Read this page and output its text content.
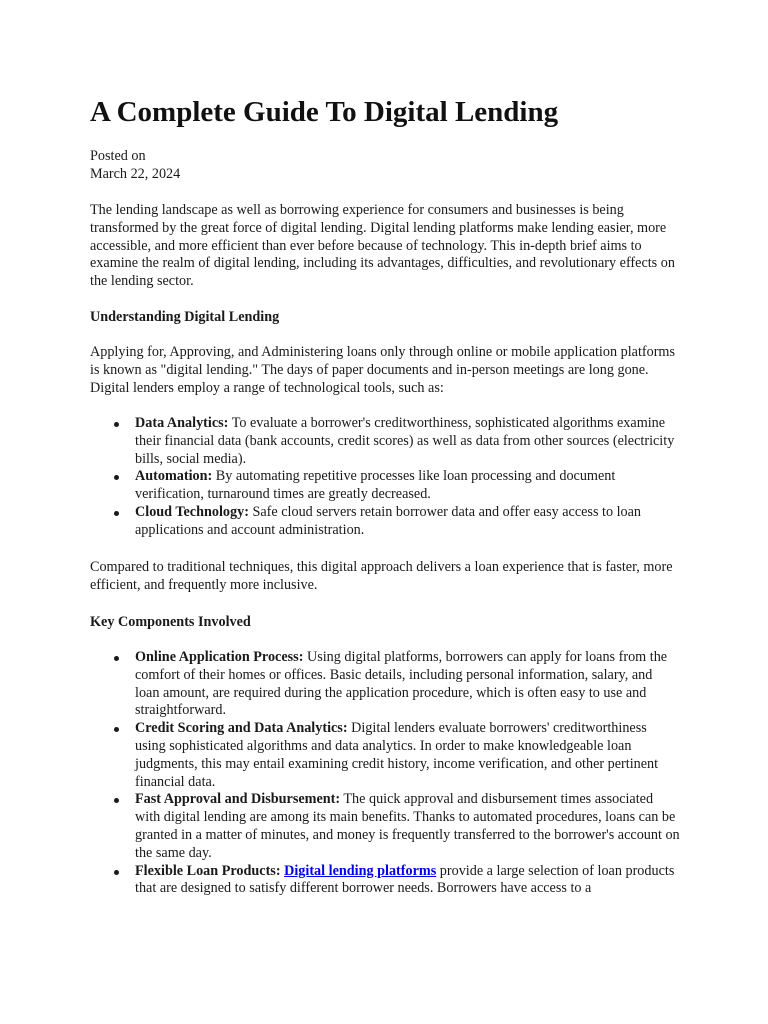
A Complete Guide To Digital Lending
Posted on
March 22, 2024

The lending landscape as well as borrowing experience for consumers and businesses is being transformed by the great force of digital lending. Digital lending platforms make lending easier, more accessible, and more efficient than ever before because of technology. This in-depth brief aims to examine the realm of digital lending, including its advantages, difficulties, and revolutionary effects on the lending sector.

Understanding Digital Lending

Applying for, Approving, and Administering loans only through online or mobile application platforms is known as "digital lending." The days of paper documents and in-person meetings are long gone. Digital lenders employ a range of technological tools, such as:

Data Analytics: To evaluate a borrower's creditworthiness, sophisticated algorithms examine their financial data (bank accounts, credit scores) as well as data from other sources (electricity bills, social media).
Automation: By automating repetitive processes like loan processing and document verification, turnaround times are greatly decreased.
Cloud Technology: Safe cloud servers retain borrower data and offer easy access to loan applications and account administration.

Compared to traditional techniques, this digital approach delivers a loan experience that is faster, more efficient, and frequently more inclusive.

Key Components Involved
Online Application Process: Using digital platforms, borrowers can apply for loans from the comfort of their homes or offices. Basic details, including personal information, salary, and loan amount, are required during the application procedure, which is often easy to use and straightforward.
Credit Scoring and Data Analytics: Digital lenders evaluate borrowers' creditworthiness using sophisticated algorithms and data analytics. In order to make knowledgeable loan judgments, this may entail examining credit history, income verification, and other pertinent financial data.
Fast Approval and Disbursement: The quick approval and disbursement times associated with digital lending are among its main benefits. Thanks to automated procedures, loans can be granted in a matter of minutes, and money is frequently transferred to the borrower's account on the same day.
Flexible Loan Products: Digital lending platforms provide a large selection of loan products that are designed to satisfy different borrower needs. Borrowers have access to a
